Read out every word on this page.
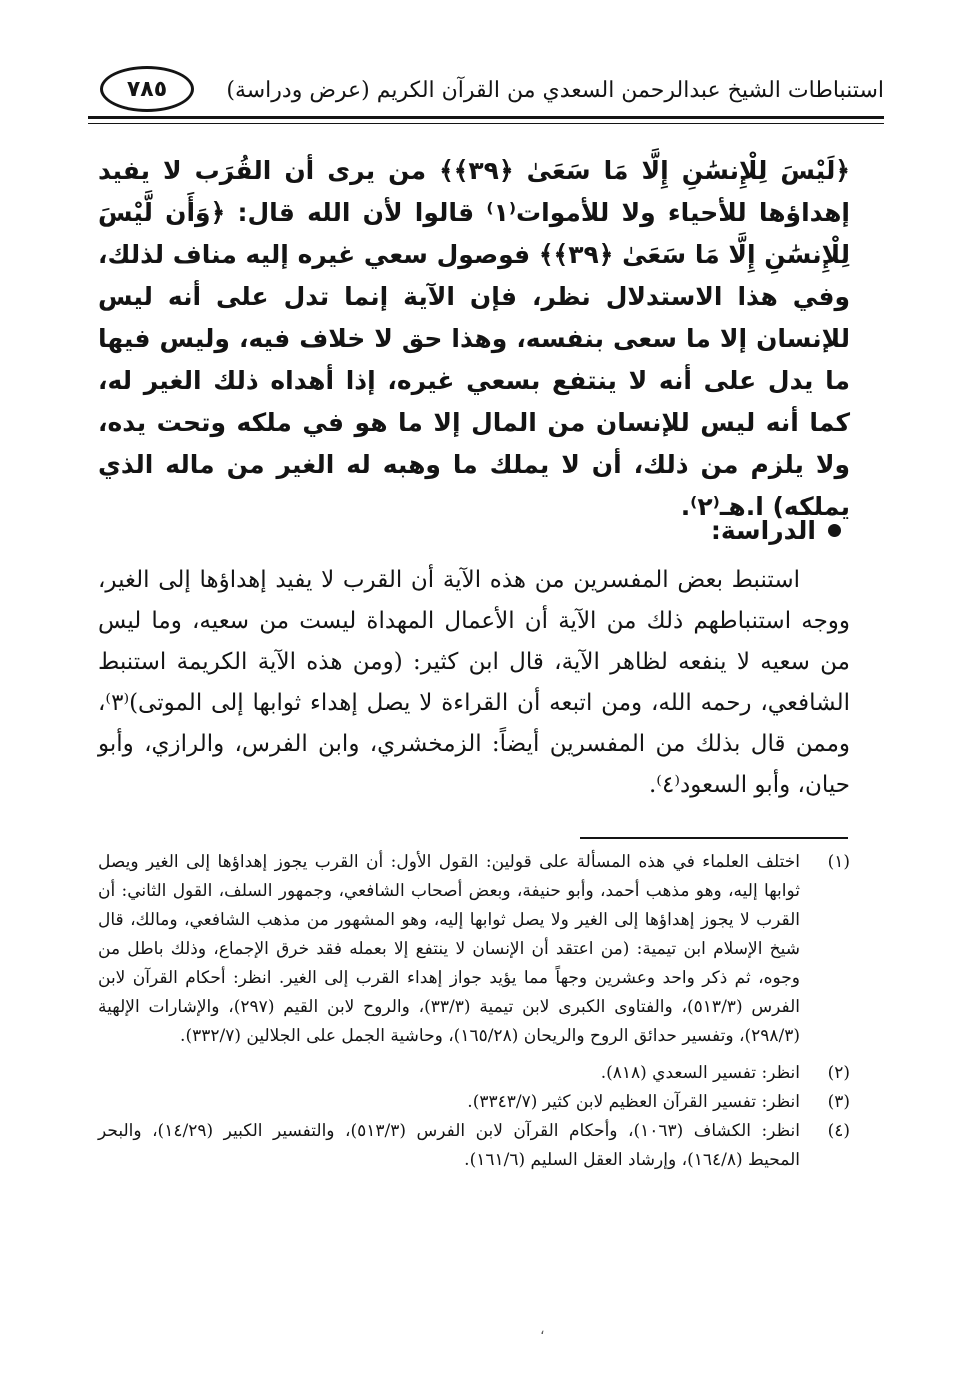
استنباطات الشيخ عبدالرحمن السعدي من القرآن الكريم (عرض ودراسة)
٧٨٥

﴿لَيْسَ لِلْإِنسَٰنِ إِلَّا مَا سَعَىٰ ﴿٣٩﴾﴾ من يرى أن القُرَب لا يفيد إهداؤها للأحياء ولا للأموات⁽١⁾ قالوا لأن الله قال: ﴿وَأَن لَّيْسَ لِلْإِنسَٰنِ إِلَّا مَا سَعَىٰ ﴿٣٩﴾﴾ فوصول سعي غيره إليه مناف لذلك، وفي هذا الاستدلال نظر، فإن الآية إنما تدل على أنه ليس للإنسان إلا ما سعى بنفسه، وهذا حق لا خلاف فيه، وليس فيها ما يدل على أنه لا ينتفع بسعي غيره، إذا أهداه ذلك الغير له، كما أنه ليس للإنسان من المال إلا ما هو في ملكه وتحت يده، ولا يلزم من ذلك، أن لا يملك ما وهبه له الغير من ماله الذي يملكه) ا.هـ⁽٢⁾.

الدراسة:

استنبط بعض المفسرين من هذه الآية أن القرب لا يفيد إهداؤها إلى الغير، ووجه استنباطهم ذلك من الآية أن الأعمال المهداة ليست من سعيه، وما ليس من سعيه لا ينفعه لظاهر الآية، قال ابن كثير: (ومن هذه الآية الكريمة استنبط الشافعي، رحمه الله، ومن اتبعه أن القراءة لا يصل إهداء ثوابها إلى الموتى)⁽٣⁾، وممن قال بذلك من المفسرين أيضاً: الزمخشري، وابن الفرس، والرازي، وأبو حيان، وأبو السعود⁽٤⁾.

(١)
اختلف العلماء في هذه المسألة على قولين: القول الأول: أن القرب يجوز إهداؤها إلى الغير ويصل ثوابها إليه، وهو مذهب أحمد، وأبو حنيفة، وبعض أصحاب الشافعي، وجمهور السلف، القول الثاني: أن القرب لا يجوز إهداؤها إلى الغير ولا يصل ثوابها إليه، وهو المشهور من مذهب الشافعي، ومالك، قال شيخ الإسلام ابن تيمية: (من اعتقد أن الإنسان لا ينتفع إلا بعمله فقد خرق الإجماع، وذلك باطل من وجوه، ثم ذكر واحد وعشرين وجهاً مما يؤيد جواز إهداء القرب إلى الغير. انظر: أحكام القرآن لابن الفرس (٥١٣/٣)، والفتاوى الكبرى لابن تيمية (٣٣/٣)، والروح لابن القيم (٢٩٧)، والإشارات الإلهية (٢٩٨/٣)، وتفسير حدائق الروح والريحان (١٦٥/٢٨)، وحاشية الجمل على الجلالين (٣٣٢/٧).
(٢)
انظر: تفسير السعدي (٨١٨).
(٣)
انظر: تفسير القرآن العظيم لابن كثير (٣٣٤٣/٧).
(٤)
انظر: الكشاف (١٠٦٣)، وأحكام القرآن لابن الفرس (٥١٣/٣)، والتفسير الكبير (١٤/٢٩)، والبحر المحيط (١٦٤/٨)، وإرشاد العقل السليم (١٦١/٦).
،
